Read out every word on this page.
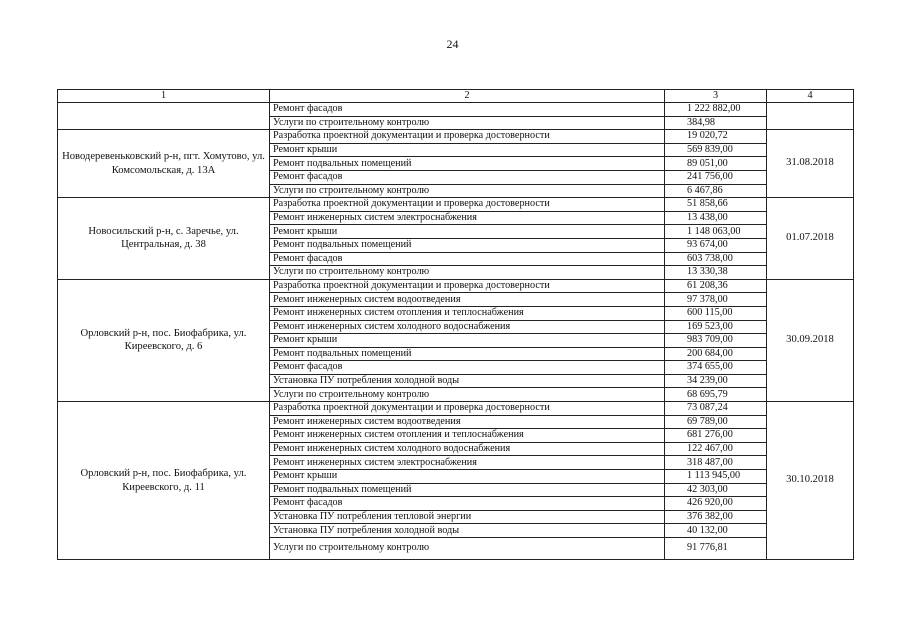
24
1	2	3	4
	Ремонт фасадов	1 222 882,00	
	Услуги по строительному контролю	384,98	
Новодеревеньковский р-н, пгт. Хомутово, ул. Комсомольская, д. 13А	Разработка проектной документации и проверка достоверности	19 020,72	31.08.2018
	Ремонт крыши	569 839,00	
	Ремонт подвальных помещений	89 051,00	
	Ремонт фасадов	241 756,00	
	Услуги по строительному контролю	6 467,86	
Новосильский р-н, с. Заречье, ул. Центральная, д. 38	Разработка проектной документации и проверка достоверности	51 858,66	01.07.2018
	Ремонт инженерных систем электроснабжения	13 438,00	
	Ремонт крыши	1 148 063,00	
	Ремонт подвальных помещений	93 674,00	
	Ремонт фасадов	603 738,00	
	Услуги по строительному контролю	13 330,38	
Орловский р-н, пос. Биофабрика, ул. Киреевского, д. 6	Разработка проектной документации и проверка достоверности	61 208,36	30.09.2018
	Ремонт инженерных систем водоотведения	97 378,00	
	Ремонт инженерных систем отопления и теплоснабжения	600 115,00	
	Ремонт инженерных систем холодного водоснабжения	169 523,00	
	Ремонт крыши	983 709,00	
	Ремонт подвальных помещений	200 684,00	
	Ремонт фасадов	374 655,00	
	Установка ПУ потребления холодной воды	34 239,00	
	Услуги по строительному контролю	68 695,79	
Орловский р-н, пос. Биофабрика, ул. Киреевского, д. 11	Разработка проектной документации и проверка достоверности	73 087,24	30.10.2018
	Ремонт инженерных систем водоотведения	69 789,00	
	Ремонт инженерных систем отопления и теплоснабжения	681 276,00	
	Ремонт инженерных систем холодного водоснабжения	122 467,00	
	Ремонт инженерных систем электроснабжения	318 487,00	
	Ремонт крыши	1 113 945,00	
	Ремонт подвальных помещений	42 303,00	
	Ремонт фасадов	426 920,00	
	Установка ПУ потребления тепловой энергии	376 382,00	
	Установка ПУ потребления холодной воды	40 132,00	
	Услуги по строительному контролю	91 776,81	
